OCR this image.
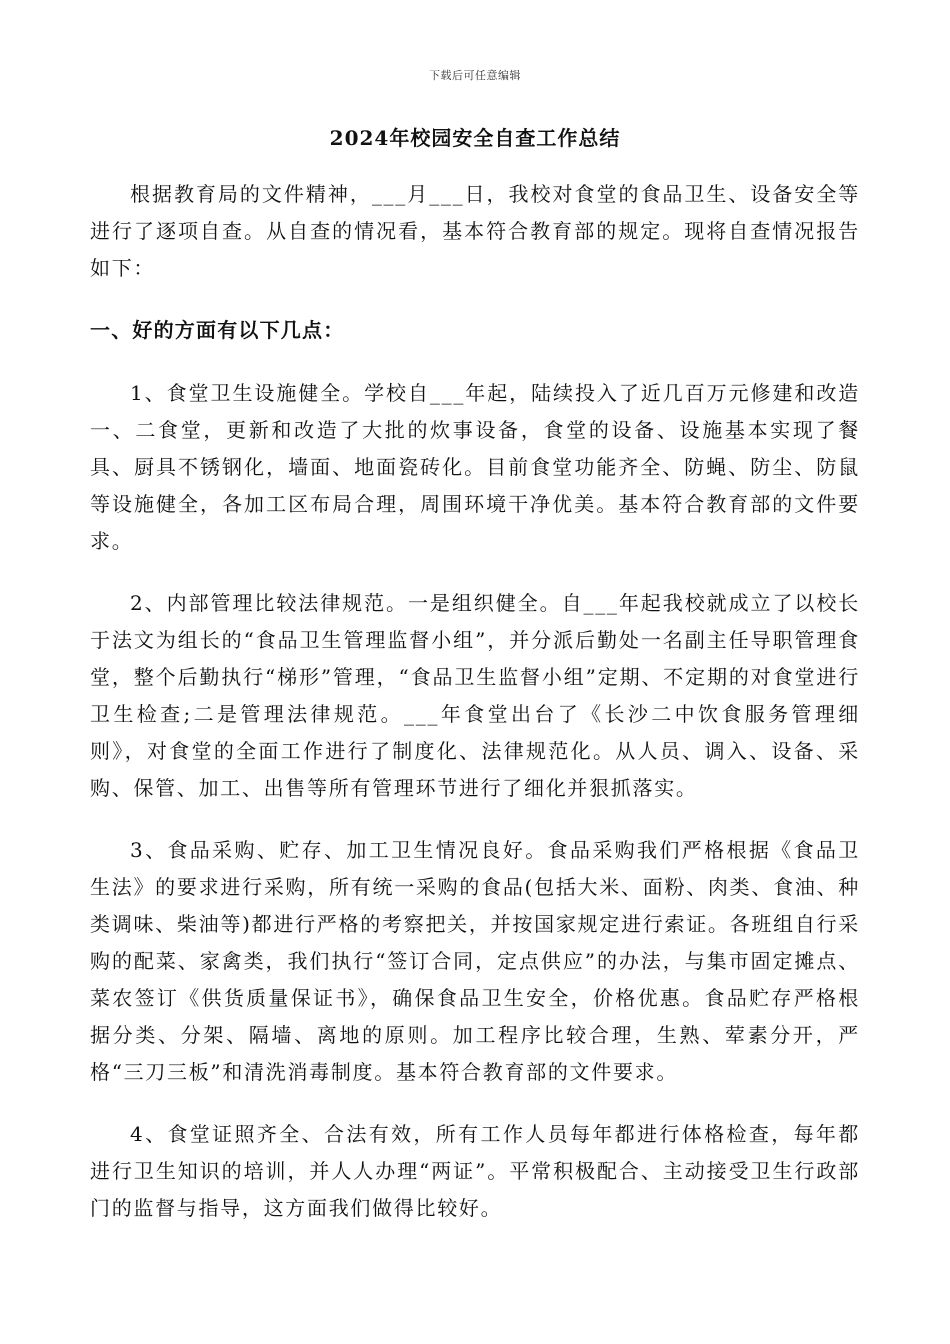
下载后可任意编辑
2024年校园安全自查工作总结

根据教育局的文件精神，___月___日，我校对食堂的食品卫生、设备安全等进行了逐项自查。从自查的情况看，基本符合教育部的规定。现将自查情况报告如下：

一、好的方面有以下几点：

1、食堂卫生设施健全。学校自___年起，陆续投入了近几百万元修建和改造一、二食堂，更新和改造了大批的炊事设备，食堂的设备、设施基本实现了餐具、厨具不锈钢化，墙面、地面瓷砖化。目前食堂功能齐全、防蝇、防尘、防鼠等设施健全，各加工区布局合理，周围环境干净优美。基本符合教育部的文件要求。

2、内部管理比较法律规范。一是组织健全。自___年起我校就成立了以校长于法文为组长的“食品卫生管理监督小组”，并分派后勤处一名副主任导职管理食堂，整个后勤执行“梯形”管理，“食品卫生监督小组”定期、不定期的对食堂进行卫生检查;二是管理法律规范。___年食堂出台了《长沙二中饮食服务管理细则》，对食堂的全面工作进行了制度化、法律规范化。从人员、调入、设备、采购、保管、加工、出售等所有管理环节进行了细化并狠抓落实。

3、食品采购、贮存、加工卫生情况良好。食品采购我们严格根据《食品卫生法》的要求进行采购，所有统一采购的食品(包括大米、面粉、肉类、食油、种类调味、柴油等)都进行严格的考察把关，并按国家规定进行索证。各班组自行采购的配菜、家禽类，我们执行“签订合同，定点供应”的办法，与集市固定摊点、菜农签订《供货质量保证书》，确保食品卫生安全，价格优惠。食品贮存严格根据分类、分架、隔墙、离地的原则。加工程序比较合理，生熟、荤素分开，严格“三刀三板”和清洗消毒制度。基本符合教育部的文件要求。

4、食堂证照齐全、合法有效，所有工作人员每年都进行体格检查，每年都进行卫生知识的培训，并人人办理“两证”。平常积极配合、主动接受卫生行政部门的监督与指导，这方面我们做得比较好。
